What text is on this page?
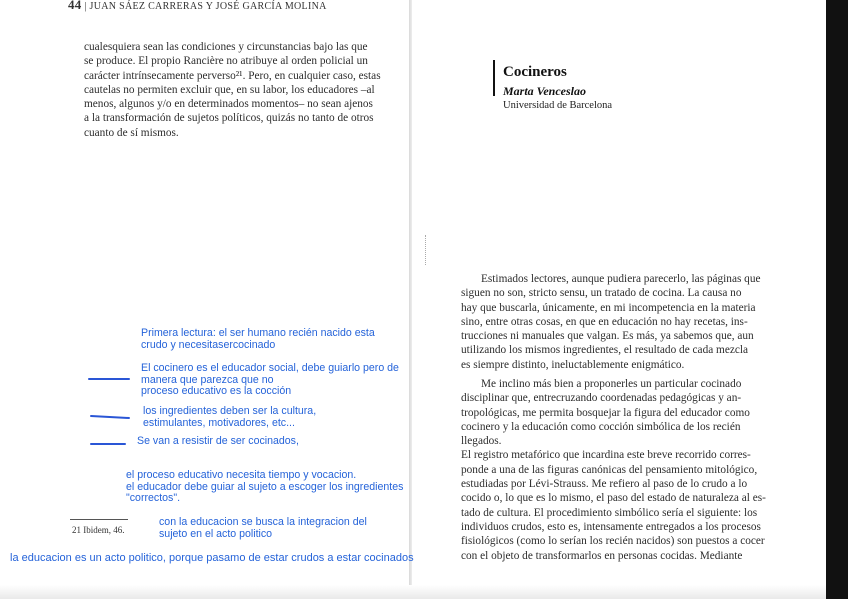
44 | JUAN SÁEZ CARRERAS Y JOSÉ GARCÍA MOLINA

cualesquiera sean las condiciones y circunstancias bajo las que

se produce. El propio Rancière no atribuye al orden policial un

carácter intrínsecamente perverso²¹. Pero, en cualquier caso, estas

cautelas no permiten excluir que, en su labor, los educadores –al

menos, algunos y/o en determinados momentos– no sean ajenos

a la transformación de sujetos políticos, quizás no tanto de otros

cuanto de sí mismos.

21 Ibidem, 46.
Cocineros
Marta Venceslao
Universidad de Barcelona

Estimados lectores, aunque pudiera parecerlo, las páginas que

siguen no son, stricto sensu, un tratado de cocina. La causa no

hay que buscarla, únicamente, en mi incompetencia en la materia

sino, entre otras cosas, en que en educación no hay recetas, ins-

trucciones ni manuales que valgan. Es más, ya sabemos que, aun

utilizando los mismos ingredientes, el resultado de cada mezcla

es siempre distinto, ineluctablemente enigmático.

Me inclino más bien a proponerles un particular cocinado

disciplinar que, entrecruzando coordenadas pedagógicas y an-

tropológicas, me permita bosquejar la figura del educador como

cocinero y la educación como cocción simbólica de los recién llegados.

El registro metafórico que incardina este breve recorrido corres-

ponde a una de las figuras canónicas del pensamiento mitológico,

estudiadas por Lévi-Strauss. Me refiero al paso de lo crudo a lo

cocido o, lo que es lo mismo, el paso del estado de naturaleza al es-

tado de cultura. El procedimiento simbólico sería el siguiente: los

individuos crudos, esto es, intensamente entregados a los procesos

fisiológicos (como lo serían los recién nacidos) son puestos a cocer

con el objeto de transformarlos en personas cocidas. Mediante

Primera lectura: el ser humano recién nacido esta
crudo y necesitasercocinado
El cocinero es el educador social, debe guiarlo pero de
manera que parezca que no
proceso educativo es la cocción
los ingredientes deben ser la cultura,
estimulantes, motivadores, etc...
Se van a resistir de ser cocinados,
el proceso educativo necesita tiempo y vocacion.
el educador debe guiar al sujeto a escoger los ingredientes
"correctos".
con la educacion se busca la integracion del
sujeto en el acto politico
la educacion es un acto politico, porque pasamo de estar crudos a estar cocinados
